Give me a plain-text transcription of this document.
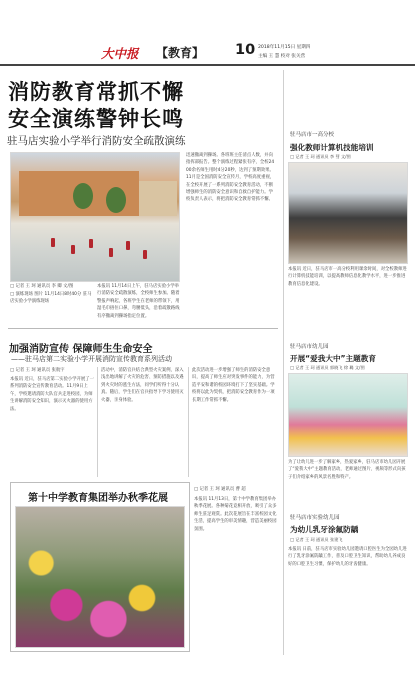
大中报 【教育】 10 2018年11月15日 星期四
主编 王 慧 校对 张关营
消防教育常抓不懈
安全演练警钟长鸣
驻马店实验小学举行消防安全疏散演练
□ 记者 王 珂 通讯员 李 卿 文/图
□ 演练现场 图片 11月14日8时40分 驻马店实验小学演练现场
本报讯 11月14日上午，驻马店实验小学举行消防安全疏散演练，全校师生参加。随着警报声响起，各班学生在老师的带领下，用湿毛巾捂住口鼻，弯腰低头，沿着疏散路线有序撤离到操场指定位置。
迅速撤离到操场。各班班主任清点人数，并向指挥部报告。整个演练过程紧张有序，全校2400余名师生用时4分20秒，达到了预期效果。11月是全国消防安全宣传月，学校高度重视，在全校开展了一系列消防安全教育活动，不断增强师生的消防安全意识和自救自护能力。学校负责人表示，将把消防安全教育常抓不懈。
加强消防宣传 保障师生生命安全
——驻马店第二实验小学开展消防宣传教育系列活动
□ 记者 王 珂 通讯员 张航宇
本报讯 近日，驻马店第二实验小学开展了一系列消防安全宣传教育活动。11月9日上午，学校邀请消防大队官兵走进校园，为师生讲解消防安全知识，演示灭火器的使用方法。
活动中，消防官兵结合典型火灾案例，深入浅出地讲解了火灾的危害、预防措施以及遇到火灾时的逃生方法，同学们听得十分认真。随后，学生们在官兵指导下学习使用灭火器，亲身体验。
此次活动进一步增强了师生的消防安全意识，提高了师生应对突发事件的能力，为营造平安和谐的校园环境打下了坚实基础。学校将以此为契机，把消防安全教育作为一项长期工作常抓不懈。
第十中学教育集团举办秋季花展
□ 记者 王 珂 通讯员 曹 超
本报讯 11月13日，第十中学教育集团举办秋季花展。各种菊花竞相开放，吸引了众多师生驻足观赏。此次花展旨在丰富校园文化生活，提高学生的审美情趣，营造美丽校园氛围。
驻马店市一高分校
强化教师计算机技能培训
□ 记者 王 珂 通讯员 李 彗 文/图
本报讯 近日，驻马店市一高分校利用课余时间，对全校教师进行计算机技能培训，以提高教师信息化教学水平，进一步推进教育信息化建设。
驻马店市幼儿园
开展“爱我大中”主题教育
□ 记者 王 珂 通讯员 郭晓飞 徐 璐 文/图
为了让幼儿进一步了解家乡，热爱家乡，驻马店市幼儿园开展了“爱我大中”主题教育活动，老师通过图片、视频等形式向孩子们介绍家乡的风景名胜和特产。
驻马店市实验幼儿园
为幼儿乳牙涂氟防龋
□ 记者 王 珂 通讯员 张建飞
本报讯 日前，驻马店市实验幼儿园邀请口腔医生为全园幼儿进行了乳牙涂氟防龋工作，普及口腔卫生知识，帮助幼儿养成良好的口腔卫生习惯，保护幼儿的牙齿健康。
